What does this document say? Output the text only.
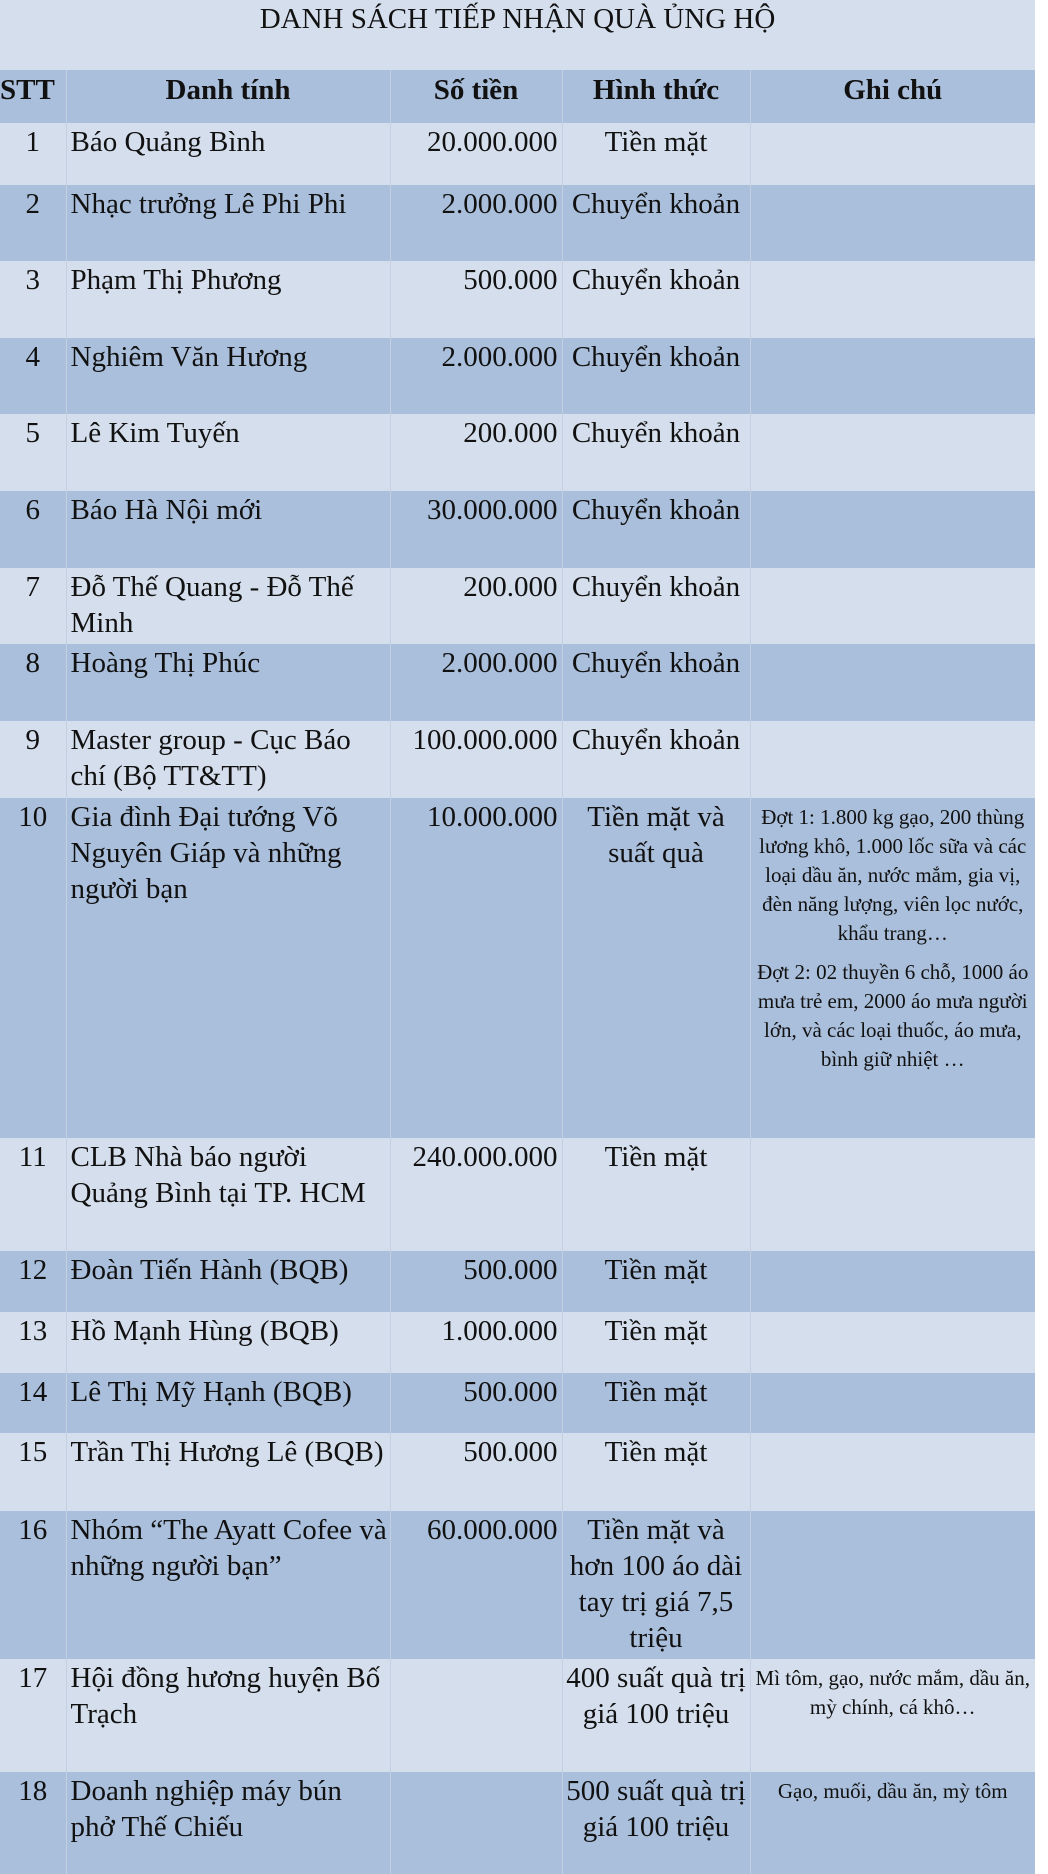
DANH SÁCH TIẾP NHẬN QUÀ ỦNG HỘ
STT	Danh tính	Số tiền	Hình thức	Ghi chú
1	Báo Quảng Bình	20.000.000	Tiền mặt	
2	Nhạc trưởng Lê Phi Phi	2.000.000	Chuyển khoản	
3	Phạm Thị Phương	500.000	Chuyển khoản	
4	Nghiêm Văn Hương	2.000.000	Chuyển khoản	
5	Lê Kim Tuyến	200.000	Chuyển khoản	
6	Báo Hà Nội mới	30.000.000	Chuyển khoản	
7	Đỗ Thế Quang - Đỗ Thế Minh	200.000	Chuyển khoản	
8	Hoàng Thị Phúc	2.000.000	Chuyển khoản	
9	Master group - Cục Báo chí (Bộ TT&TT)	100.000.000	Chuyển khoản	
10	Gia đình Đại tướng Võ Nguyên Giáp và những người bạn	10.000.000	Tiền mặt và suất quà	Đợt 1: 1.800 kg gạo, 200 thùng lương khô, 1.000 lốc sữa và các loại dầu ăn, nước mắm, gia vị, đèn năng lượng, viên lọc nước, khẩu trang…
Đợt 2: 02 thuyền 6 chỗ, 1000 áo mưa trẻ em, 2000 áo mưa người lớn, và các loại thuốc, áo mưa, bình giữ nhiệt …

11	CLB Nhà báo người Quảng Bình tại TP. HCM	240.000.000	Tiền mặt	
12	Đoàn Tiến Hành (BQB)	500.000	Tiền mặt	
13	Hồ Mạnh Hùng (BQB)	1.000.000	Tiền mặt	
14	Lê Thị Mỹ Hạnh (BQB)	500.000	Tiền mặt	
15	Trần Thị Hương Lê (BQB)	500.000	Tiền mặt	
16	Nhóm “The Ayatt Cofee và những người bạn”	60.000.000	Tiền mặt và hơn 100 áo dài tay trị giá 7,5 triệu	
17	Hội đồng hương huyện Bố Trạch		400 suất quà trị giá 100 triệu	Mì tôm, gạo, nước mắm, dầu ăn, mỳ chính, cá khô…
18	Doanh nghiệp máy bún phở Thế Chiếu		500 suất quà trị giá 100 triệu	Gạo, muối, dầu ăn, mỳ tôm
